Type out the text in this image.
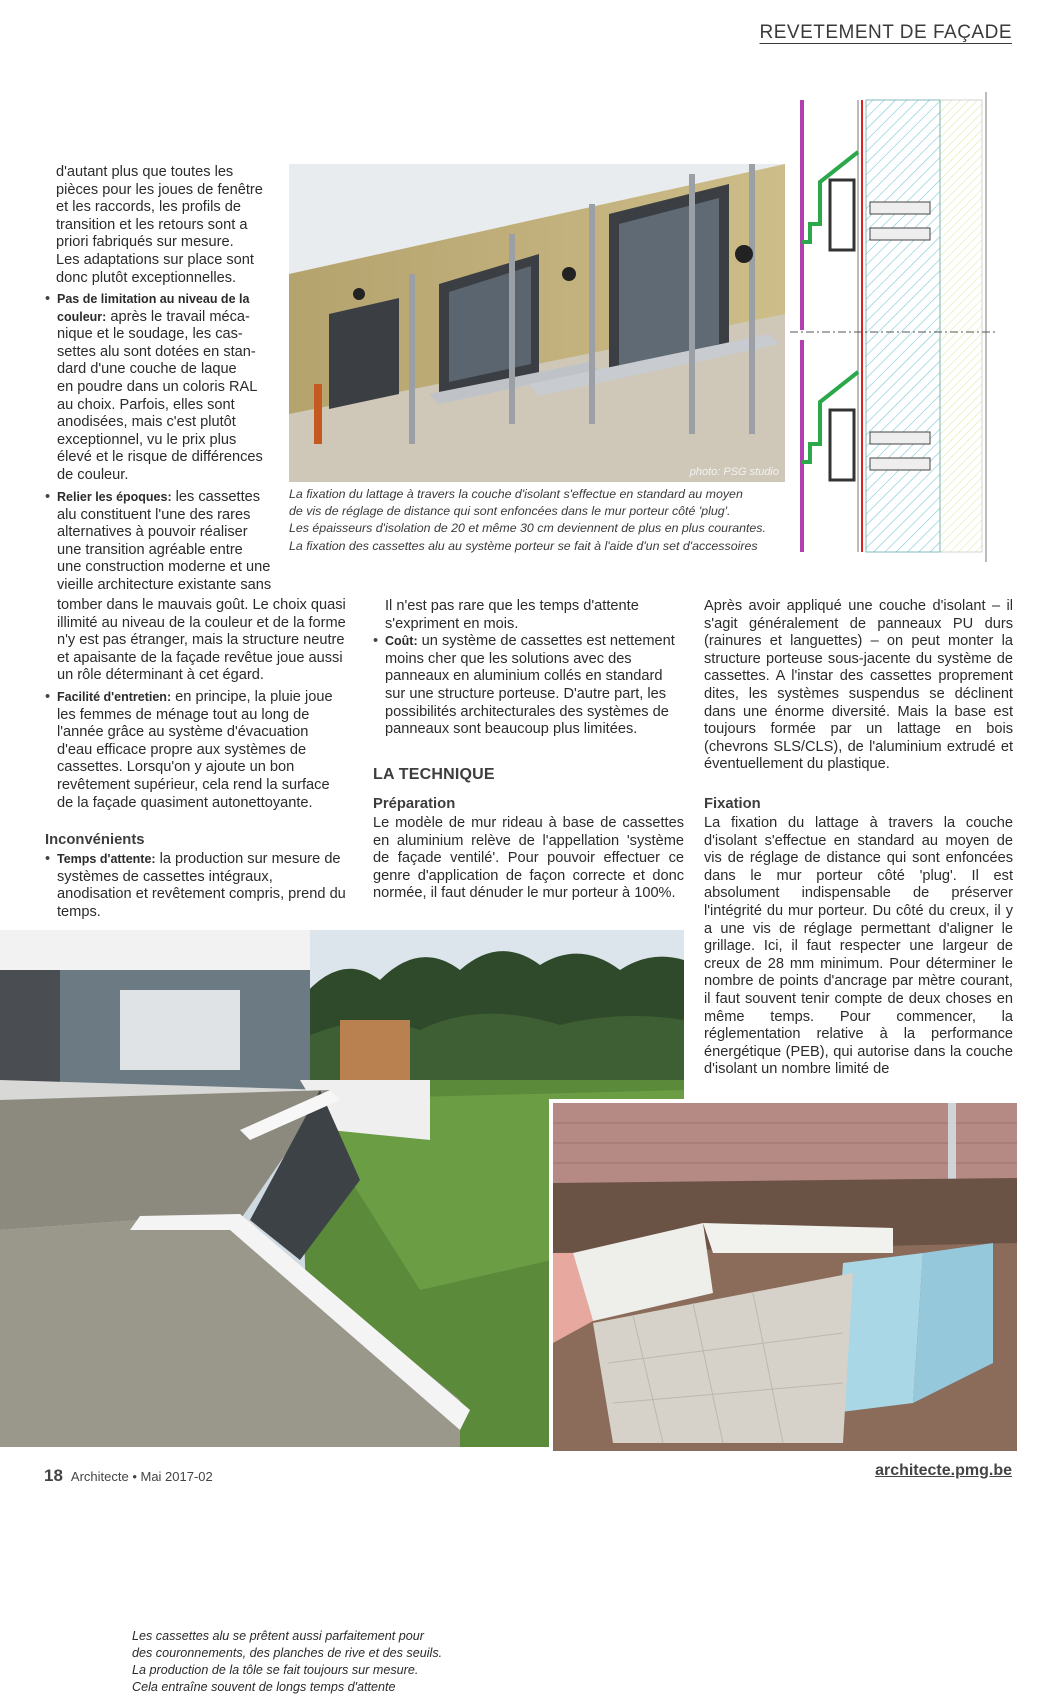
REVETEMENT DE FAÇADE
photo: PSG studio
La fixation du lattage à travers la couche d'isolant s'effectue en standard au moyen
de vis de réglage de distance qui sont enfoncées dans le mur porteur côté 'plug'.
Les épaisseurs d'isolation de 20 et même 30 cm deviennent de plus en plus courantes.
La fixation des cassettes alu au système porteur se fait à l'aide d'un set d'accessoires
d'autant plus que toutes les
pièces pour les joues de fenêtre
et les raccords, les profils de
transition et les retours sont a
priori fabriqués sur mesure.
Les adaptations sur place sont
donc plutôt exceptionnelles.
• Pas de limitation au niveau de la
couleur: après le travail méca-
nique et le soudage, les cas-
settes alu sont dotées en stan-
dard d'une couche de laque
en poudre dans un coloris RAL
au choix. Parfois, elles sont
anodisées, mais c'est plutôt
exceptionnel, vu le prix plus
élevé et le risque de différences
de couleur.
• Relier les époques: les cassettes
alu constituent l'une des rares
alternatives à pouvoir réaliser
une transition agréable entre
une construction moderne et une
vieille architecture existante sans

tomber dans le mauvais goût. Le choix quasi illimité au niveau de la couleur et de la forme n'y est pas étranger, mais la structure neutre et apaisante de la façade revêtue joue aussi un rôle déterminant à cet égard.

• Facilité d'entretien: en principe, la pluie joue les femmes de ménage tout au long de l'année grâce au système d'évacuation d'eau efficace propre aux systèmes de cassettes. Lorsqu'on y ajoute un bon revêtement supérieur, cela rend la surface de la façade quasiment autonettoyante.
Inconvénients
• Temps d'attente: la production sur mesure de systèmes de cassettes intégraux, anodisation et revêtement compris, prend du temps.

Il n'est pas rare que les temps d'attente s'expriment en mois.

• Coût: un système de cassettes est nettement moins cher que les solutions avec des panneaux en aluminium collés en standard sur une structure porteuse. D'autre part, les possibilités architecturales des systèmes de panneaux sont beaucoup plus limitées.
LA TECHNIQUE
Préparation

Le modèle de mur rideau à base de cassettes en aluminium relève de l'appellation 'système de façade ventilé'. Pour pouvoir effectuer ce genre d'application de façon correcte et donc normée, il faut dénuder le mur porteur à 100%.

Après avoir appliqué une couche d'isolant – il s'agit généralement de panneaux PU durs (rainures et languettes) – on peut monter la structure porteuse sous-jacente du système de cassettes. A l'instar des cassettes proprement dites, les systèmes suspendus se déclinent dans une énorme diversité. Mais la base est toujours formée par un lattage en bois (chevrons SLS/CLS), de l'aluminium extrudé et éventuellement du plastique.

Fixation

La fixation du lattage à travers la couche d'isolant s'effectue en standard au moyen de vis de réglage de distance qui sont enfoncées dans le mur porteur côté 'plug'. Il est absolument indispensable de préserver l'intégrité du mur porteur. Du côté du creux, il y a une vis de réglage permettant d'aligner le grillage. Ici, il faut respecter une largeur de creux de 28 mm minimum. Pour déterminer le nombre de points d'ancrage par mètre courant, il faut souvent tenir compte de deux choses en même temps. Pour commencer, la réglementation relative à la performance énergétique (PEB), qui autorise dans la couche d'isolant un nombre limité de

Les cassettes alu se prêtent aussi parfaitement pour
des couronnements, des planches de rive et des seuils.
La production de la tôle se fait toujours sur mesure.
Cela entraîne souvent de longs temps d'attente
18 Architecte • Mai 2017-02	architecte.pmg.be
